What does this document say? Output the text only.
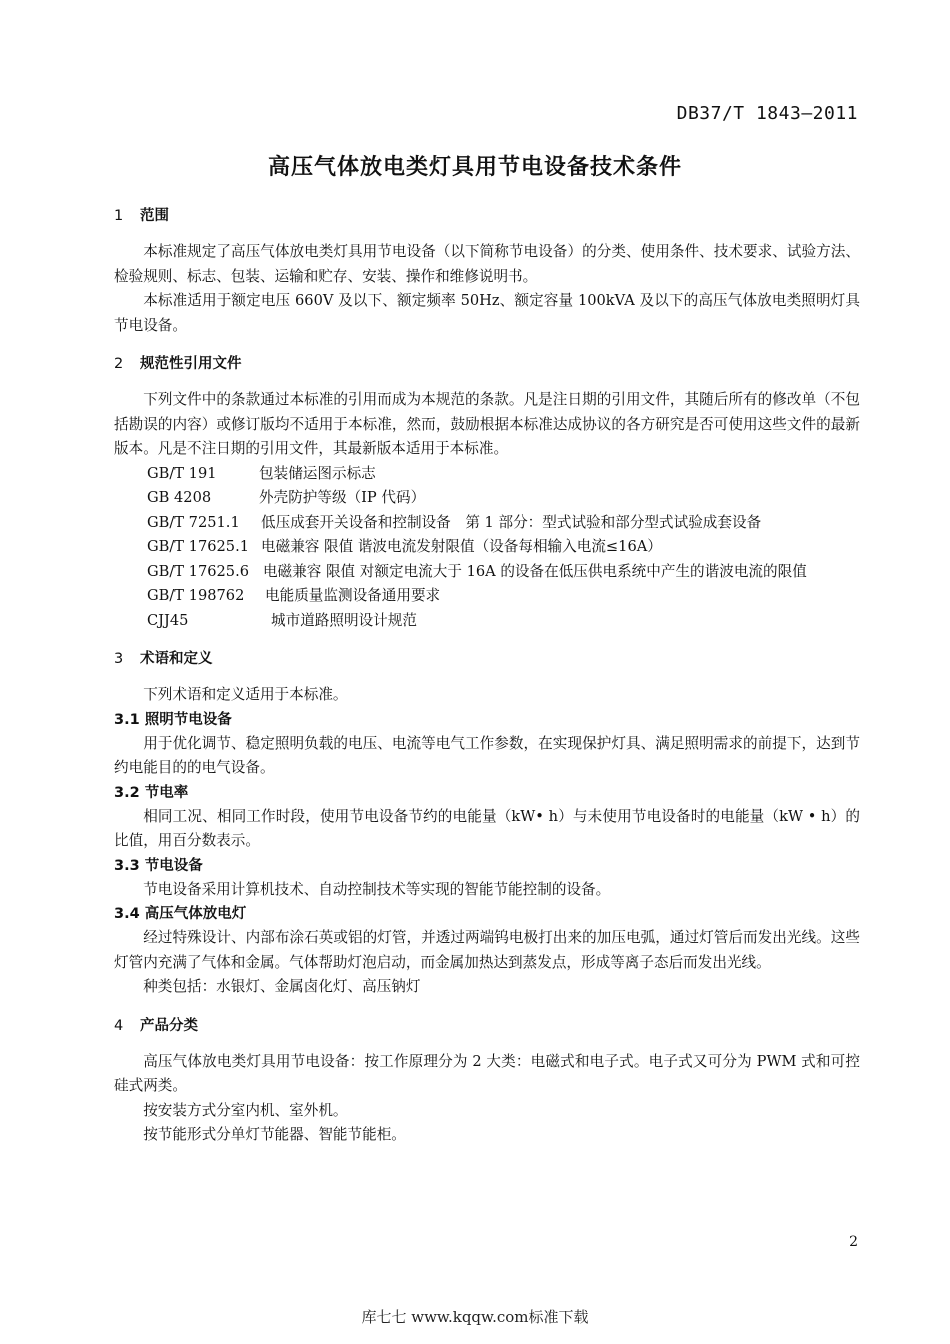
DB37/T 1843—2011
高压气体放电类灯具用节电设备技术条件
1 范围

本标准规定了高压气体放电类灯具用节电设备（以下简称节电设备）的分类、使用条件、技术要求、试验方法、检验规则、标志、包装、运输和贮存、安装、操作和维修说明书。

本标准适用于额定电压 660V 及以下、额定频率 50Hz、额定容量 100kVA 及以下的高压气体放电类照明灯具节电设备。

2 规范性引用文件

下列文件中的条款通过本标准的引用而成为本规范的条款。凡是注日期的引用文件，其随后所有的修改单（不包括勘误的内容）或修订版均不适用于本标准，然而，鼓励根据本标准达成协议的各方研究是否可使用这些文件的最新版本。凡是不注日期的引用文件，其最新版本适用于本标准。

GB/T 191	包装储运图示标志
GB 4208	外壳防护等级（IP 代码）
GB/T 7251.1 低压成套开关设备和控制设备　第 1 部分：型式试验和部分型式试验成套设备
GB/T 17625.1 电磁兼容 限值 谐波电流发射限值（设备每相输入电流≤16A）
GB/T 17625.6 电磁兼容 限值 对额定电流大于 16A 的设备在低压供电系统中产生的谐波电流的限值
GB/T 198762 电能质量监测设备通用要求
CJJ45	城市道路照明设计规范
3 术语和定义

下列术语和定义适用于本标准。

3.1 照明节电设备

用于优化调节、稳定照明负载的电压、电流等电气工作参数，在实现保护灯具、满足照明需求的前提下，达到节约电能目的的电气设备。

3.2 节电率

相同工况、相同工作时段，使用节电设备节约的电能量（kW• h）与未使用节电设备时的电能量（kW • h）的比值，用百分数表示。

3.3 节电设备

节电设备采用计算机技术、自动控制技术等实现的智能节能控制的设备。

3.4 高压气体放电灯

经过特殊设计、内部布涂石英或铝的灯管，并透过两端钨电极打出来的加压电弧，通过灯管后而发出光线。这些灯管内充满了气体和金属。气体帮助灯泡启动，而金属加热达到蒸发点，形成等离子态后而发出光线。

种类包括：水银灯、金属卤化灯、高压钠灯

4 产品分类

高压气体放电类灯具用节电设备：按工作原理分为 2 大类：电磁式和电子式。电子式又可分为 PWM 式和可控硅式两类。

按安装方式分室内机、室外机。

按节能形式分单灯节能器、智能节能柜。

2
库七七 www.kqqw.com标准下载
